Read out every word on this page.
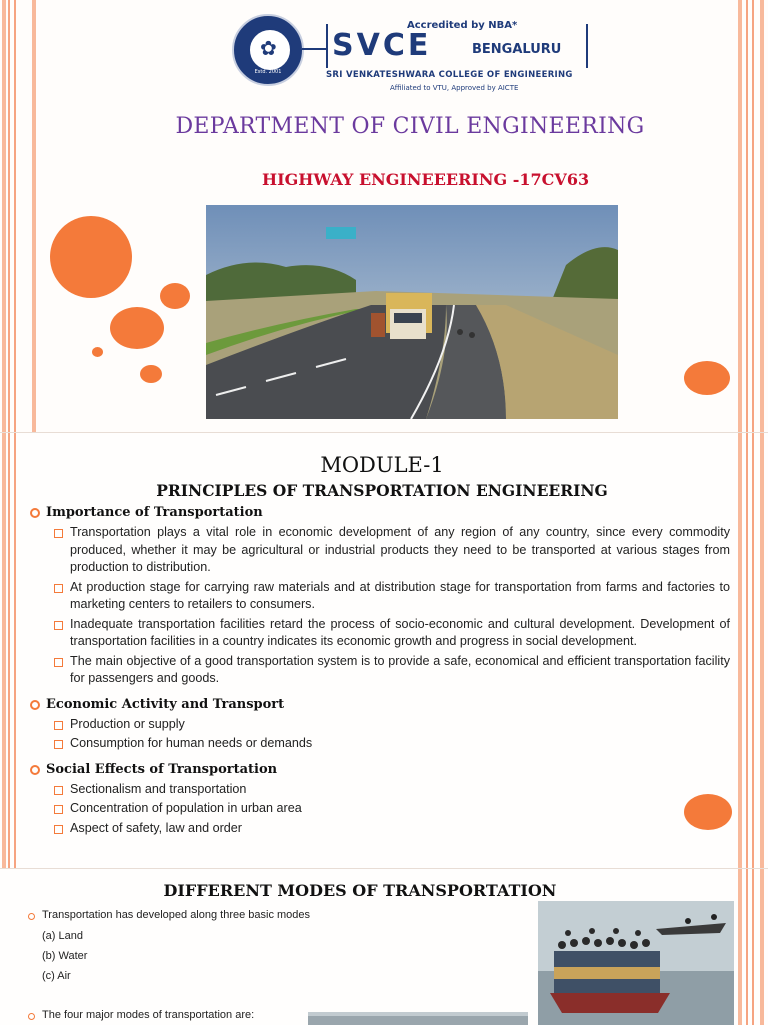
✿
SVCE
Estd. 2001
Accredited by NBA*
SVCE	BENGALURU
SRI VENKATESHWARA COLLEGE OF ENGINEERING
Affiliated to VTU, Approved by AICTE
DEPARTMENT OF CIVIL ENGINEERING
HIGHWAY ENGINEEERING -17CV63
MODULE-1
PRINCIPLES OF TRANSPORTATION ENGINEERING
Importance of Transportation
Transportation plays a vital role in economic development of any region of any country, since every commodity produced, whether it may be agricultural or industrial products they need to be transported at various stages from production to distribution.
At production stage for carrying raw materials and at distribution stage for transportation from farms and factories to marketing centers to retailers to consumers.
Inadequate transportation facilities retard the process of socio-economic and cultural development. Development of transportation facilities in a country indicates its economic growth and progress in social development.
The main objective of a good transportation system is to provide a safe, economical and efficient transportation facility for passengers and goods.
Economic Activity and Transport
Production or supply
Consumption for human needs or demands
Social Effects of Transportation
Sectionalism and transportation
Concentration of population in urban area
Aspect of safety, law and order
DIFFERENT MODES OF TRANSPORTATION
Transportation has developed along three basic modes
(a) Land
(b) Water
(c) Air
The four major modes of transportation are:
